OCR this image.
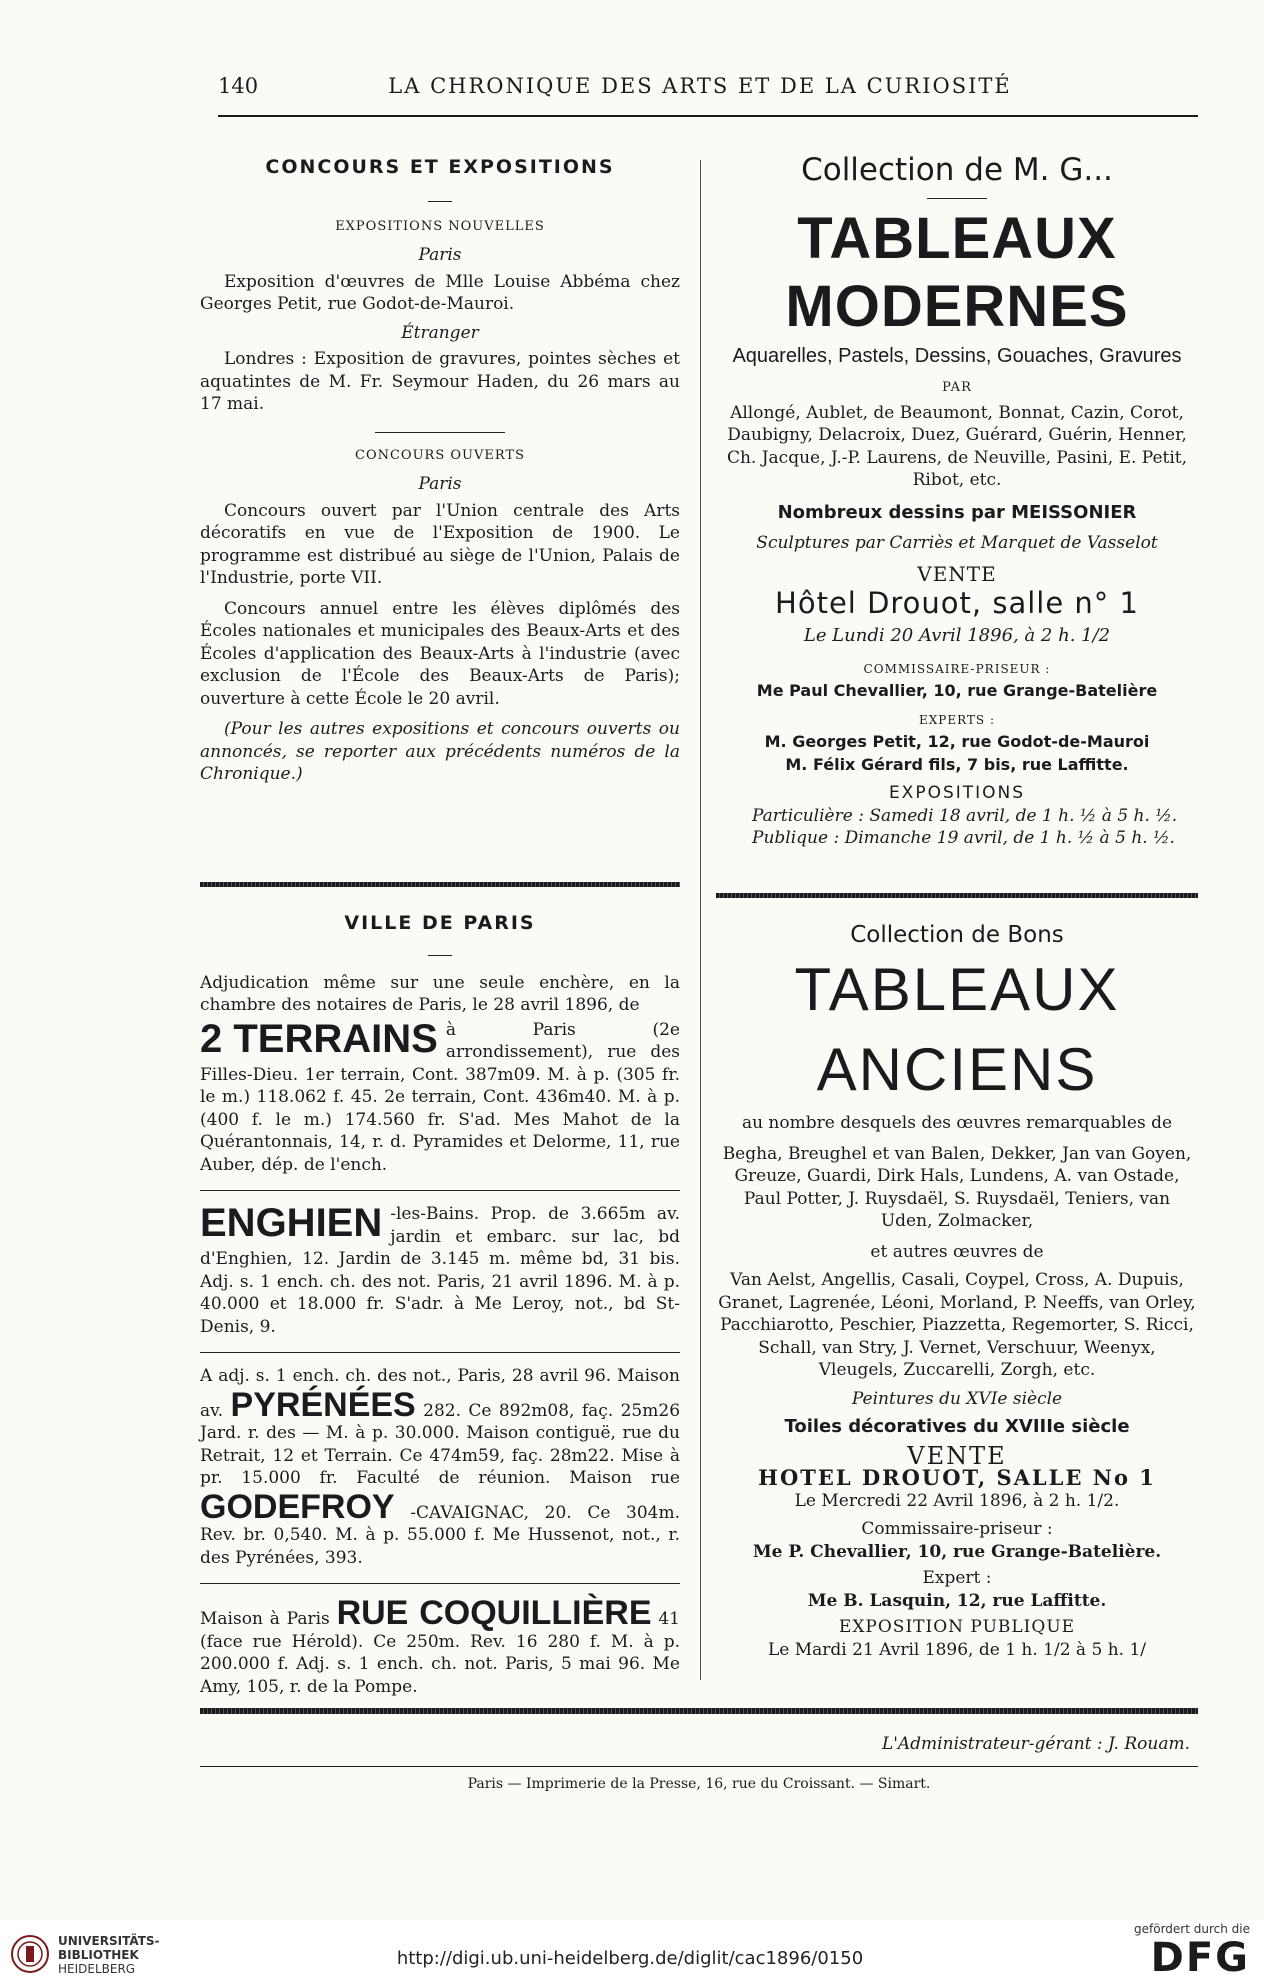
140	LA CHRONIQUE DES ARTS ET DE LA CURIOSITÉ
CONCOURS ET EXPOSITIONS
EXPOSITIONS NOUVELLES
Paris

Exposition d'œuvres de Mlle Louise Abbéma chez Georges Petit, rue Godot-de-Mauroi.

Étranger

Londres : Exposition de gravures, pointes sèches et aquatintes de M. Fr. Seymour Haden, du 26 mars au 17 mai.

CONCOURS OUVERTS
Paris

Concours ouvert par l'Union centrale des Arts décoratifs en vue de l'Exposition de 1900. Le programme est distribué au siège de l'Union, Palais de l'Industrie, porte VII.

Concours annuel entre les élèves diplômés des Écoles nationales et municipales des Beaux-Arts et des Écoles d'application des Beaux-Arts à l'industrie (avec exclusion de l'École des Beaux-Arts de Paris); ouverture à cette École le 20 avril.

(Pour les autres expositions et concours ouverts ou annoncés, se reporter aux précédents numéros de la Chronique.)

VILLE DE PARIS

Adjudication même sur une seule enchère, en la chambre des notaires de Paris, le 28 avril 1896, de

2 TERRAINS à Paris (2e arrondissement), rue des Filles-Dieu. 1er terrain, Cont. 387m09. M. à p. (305 fr. le m.) 118.062 f. 45. 2e terrain, Cont. 436m40. M. à p. (400 f. le m.) 174.560 fr. S'ad. Mes Mahot de la Quérantonnais, 14, r. d. Pyramides et Delorme, 11, rue Auber, dép. de l'ench.

ENGHIEN -les-Bains. Prop. de 3.665m av. jardin et embarc. sur lac, bd d'Enghien, 12. Jardin de 3.145 m. même bd, 31 bis. Adj. s. 1 ench. ch. des not. Paris, 21 avril 1896. M. à p. 40.000 et 18.000 fr. S'adr. à Me Leroy, not., bd St-Denis, 9.

A adj. s. 1 ench. ch. des not., Paris, 28 avril 96. Maison av. PYRÉNÉES 282. Ce 892m08, faç. 25m26 Jard. r. des — M. à p. 30.000. Maison contiguë, rue du Retrait, 12 et Terrain. Ce 474m59, faç. 28m22. Mise à pr. 15.000 fr. Faculté de réunion. Maison rue GODEFROY -CAVAIGNAC, 20. Ce 304m. Rev. br. 0,540. M. à p. 55.000 f. Me Hussenot, not., r. des Pyrénées, 393.

Maison à Paris RUE COQUILLIÈRE 41 (face rue Hérold). Ce 250m. Rev. 16 280 f. M. à p. 200.000 f. Adj. s. 1 ench. ch. not. Paris, 5 mai 96. Me Amy, 105, r. de la Pompe.

Collection de M. G...
TABLEAUX MODERNES
Aquarelles, Pastels, Dessins, Gouaches, Gravures
PAR

Allongé, Aublet, de Beaumont, Bonnat, Cazin, Corot, Daubigny, Delacroix, Duez, Guérard, Guérin, Henner, Ch. Jacque, J.-P. Laurens, de Neuville, Pasini, E. Petit, Ribot, etc.

Nombreux dessins par MEISSONIER
Sculptures par Carriès et Marquet de Vasselot
VENTE
Hôtel Drouot, salle n° 1
Le Lundi 20 Avril 1896, à 2 h. 1/2
COMMISSAIRE-PRISEUR :
Me Paul Chevallier, 10, rue Grange-Batelière
EXPERTS :
M. Georges Petit, 12, rue Godot-de-Mauroi
M. Félix Gérard fils, 7 bis, rue Laffitte.
EXPOSITIONS
Particulière : Samedi 18 avril, de 1 h. ½ à 5 h. ½.
Publique : Dimanche 19 avril, de 1 h. ½ à 5 h. ½.
Collection de Bons
TABLEAUX ANCIENS
au nombre desquels des œuvres remarquables de

Begha, Breughel et van Balen, Dekker, Jan van Goyen, Greuze, Guardi, Dirk Hals, Lundens, A. van Ostade, Paul Potter, J. Ruysdaël, S. Ruysdaël, Teniers, van Uden, Zolmacker,

et autres œuvres de

Van Aelst, Angellis, Casali, Coypel, Cross, A. Dupuis, Granet, Lagrenée, Léoni, Morland, P. Neeffs, van Orley, Pacchiarotto, Peschier, Piazzetta, Regemorter, S. Ricci, Schall, van Stry, J. Vernet, Verschuur, Weenyx, Vleugels, Zuccarelli, Zorgh, etc.

Peintures du XVIe siècle
Toiles décoratives du XVIIIe siècle
VENTE
HOTEL DROUOT, SALLE No 1
Le Mercredi 22 Avril 1896, à 2 h. 1/2.
Commissaire-priseur :
Me P. Chevallier, 10, rue Grange-Batelière.
Expert :
Me B. Lasquin, 12, rue Laffitte.
EXPOSITION PUBLIQUE
Le Mardi 21 Avril 1896, de 1 h. 1/2 à 5 h. 1/
L'Administrateur-gérant : J. Rouam.
Paris — Imprimerie de la Presse, 16, rue du Croissant. — Simart.
UNIVERSITÄTS-
BIBLIOTHEK
HEIDELBERG	http://digi.ub.uni-heidelberg.de/diglit/cac1896/0150
gefördert durch die
DFG
